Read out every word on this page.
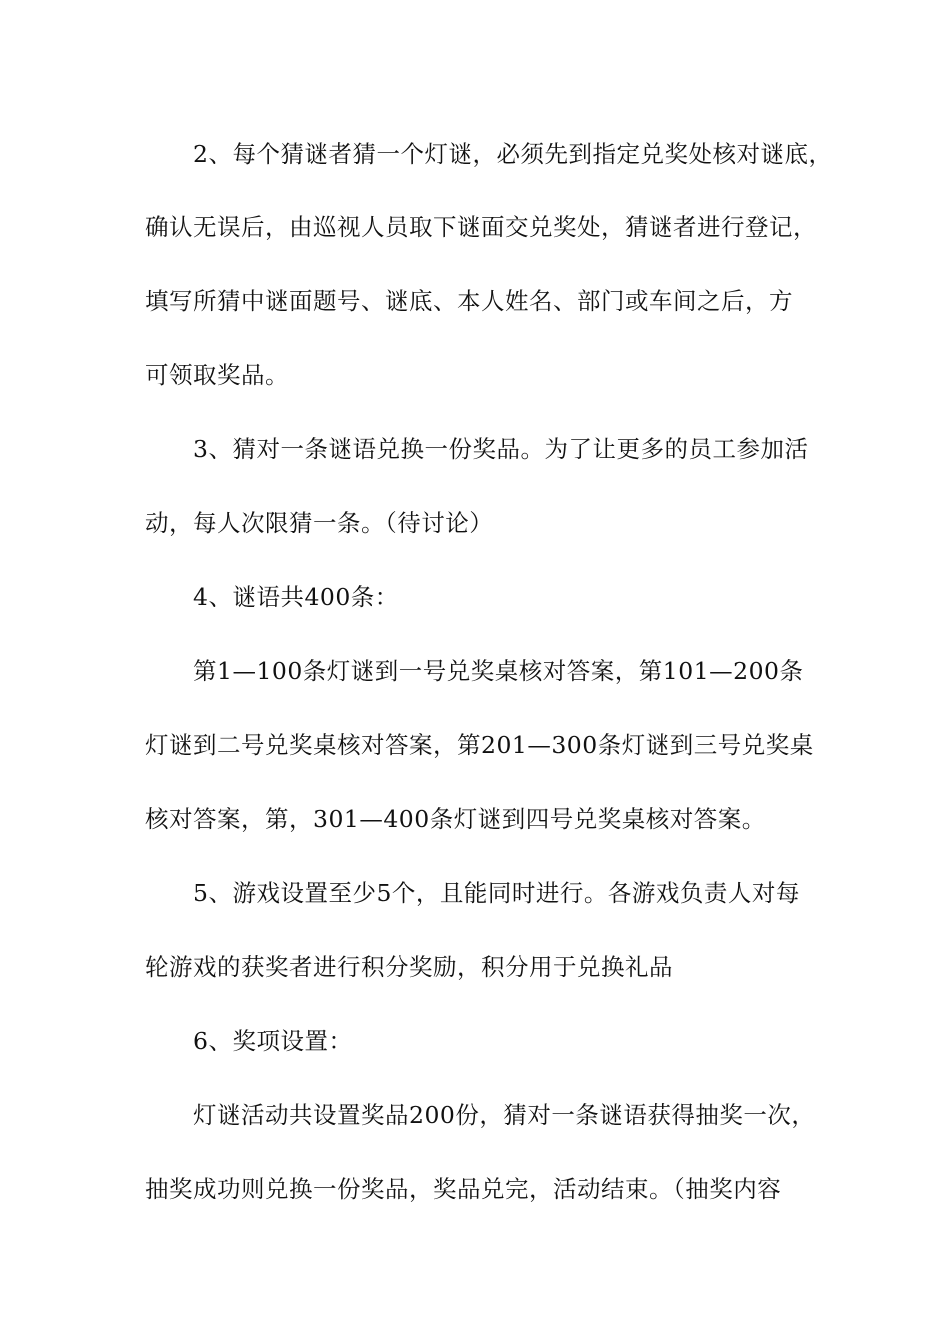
2、每个猜谜者猜一个灯谜，必须先到指定兑奖处核对谜底，
确认无误后，由巡视人员取下谜面交兑奖处，猜谜者进行登记，
填写所猜中谜面题号、谜底、本人姓名、部门或车间之后，方
可领取奖品。
3、猜对一条谜语兑换一份奖品。为了让更多的员工参加活
动，每人次限猜一条。（待讨论）
4、谜语共400条：
第1—100条灯谜到一号兑奖桌核对答案，第101—200条
灯谜到二号兑奖桌核对答案，第201—300条灯谜到三号兑奖桌
核对答案，第，301—400条灯谜到四号兑奖桌核对答案。
5、游戏设置至少5个，且能同时进行。各游戏负责人对每
轮游戏的获奖者进行积分奖励，积分用于兑换礼品
6、奖项设置：
灯谜活动共设置奖品200份，猜对一条谜语获得抽奖一次，
抽奖成功则兑换一份奖品，奖品兑完，活动结束。（抽奖内容
